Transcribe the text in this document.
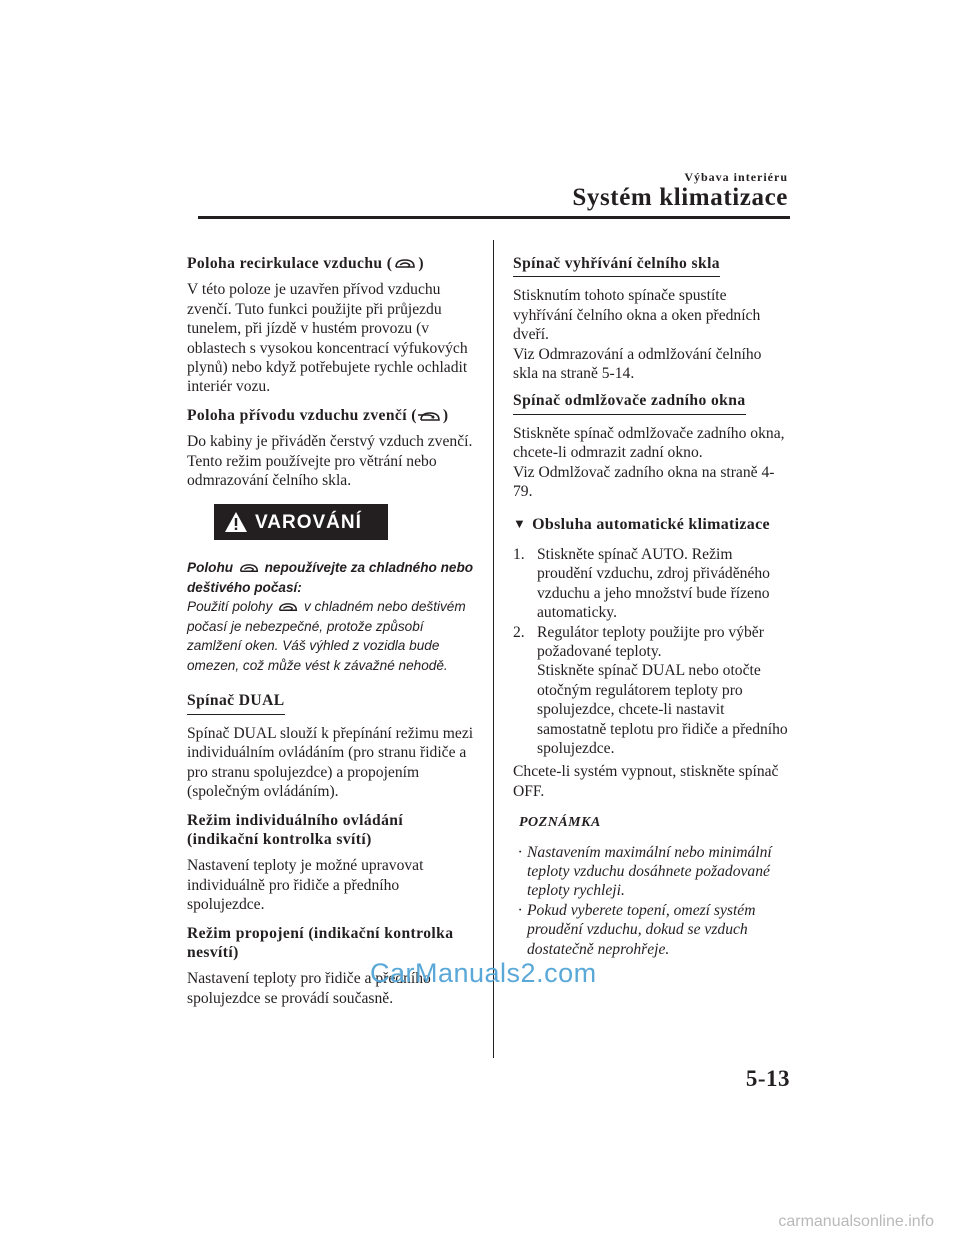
Výbava interiéru
Systém klimatizace
Poloha recirkulace vzduchu ( )

V této poloze je uzavřen přívod vzduchu zvenčí. Tuto funkci použijte při průjezdu tunelem, při jízdě v hustém provozu (v oblastech s vysokou koncentrací výfukových plynů) nebo když potřebujete rychle ochladit interiér vozu.

Poloha přívodu vzduchu zvenčí ( )

Do kabiny je přiváděn čerstvý vzduch zvenčí. Tento režim používejte pro větrání nebo odmrazování čelního skla.

VAROVÁNÍ
Polohu nepoužívejte za chladného nebo deštivého počasí:
Použití polohy v chladném nebo deštivém počasí je nebezpečné, protože způsobí zamlžení oken. Váš výhled z vozidla bude omezen, což může vést k závažné nehodě.
Spínač DUAL

Spínač DUAL slouží k přepínání režimu mezi individuálním ovládáním (pro stranu řidiče a pro stranu spolujezdce) a propojením (společným ovládáním).

Režim individuálního ovládání (indikační kontrolka svítí)

Nastavení teploty je možné upravovat individuálně pro řidiče a předního spolujezdce.

Režim propojení (indikační kontrolka nesvítí)

Nastavení teploty pro řidiče a předního spolujezdce se provádí současně.

Spínač vyhřívání čelního skla

Stisknutím tohoto spínače spustíte vyhřívání čelního okna a oken předních dveří.
Viz Odmrazování a odmlžování čelního skla na straně 5-14.

Spínač odmlžovače zadního okna

Stiskněte spínač odmlžovače zadního okna, chcete-li odmrazit zadní okno.
Viz Odmlžovač zadního okna na straně 4-79.

▼ Obsluha automatické klimatizace
1. Stiskněte spínač AUTO. Režim proudění vzduchu, zdroj přiváděného vzduchu a jeho množství bude řízeno automaticky.
2. Regulátor teploty použijte pro výběr požadované teploty.

Stiskněte spínač DUAL nebo otočte otočným regulátorem teploty pro spolujezdce, chcete-li nastavit samostatně teplotu pro řidiče a předního spolujezdce.

Chcete-li systém vypnout, stiskněte spínač OFF.

POZNÁMKA
· Nastavením maximální nebo minimální teploty vzduchu dosáhnete požadované teploty rychleji.
· Pokud vyberete topení, omezí systém proudění vzduchu, dokud se vzduch dostatečně neprohřeje.
CarManuals2.com
5-13
carmanualsonline.info
